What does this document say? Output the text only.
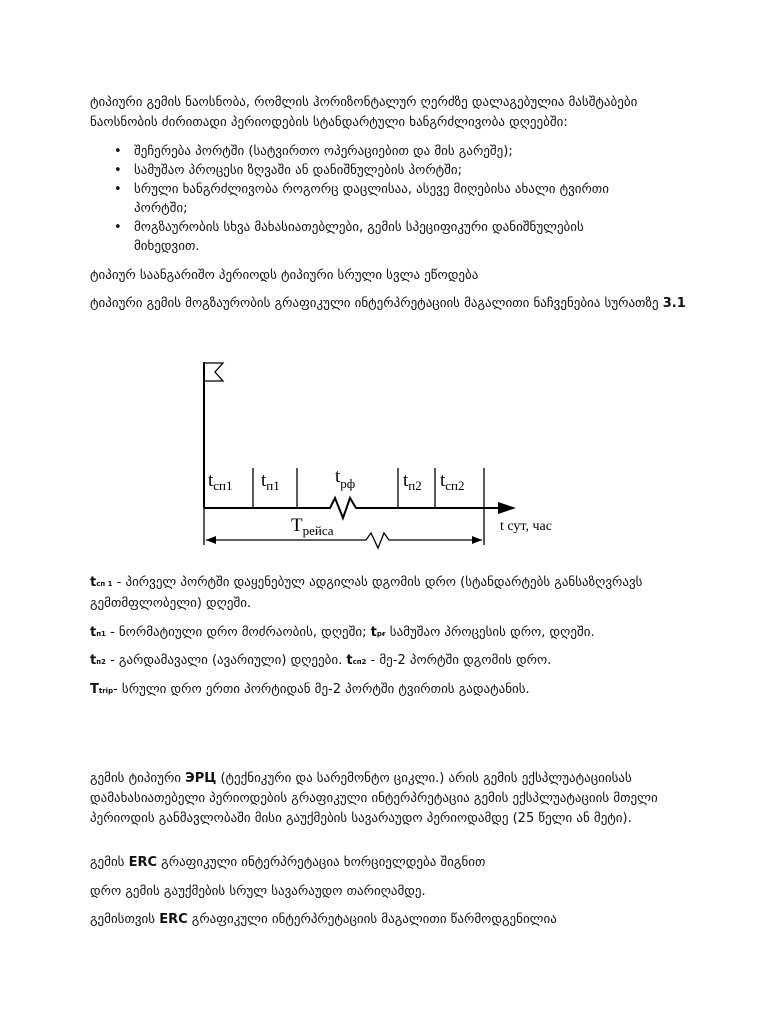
ტიპიური გემის ნაოსნობა, რომლის ჰორიზონტალურ ღერძზე დალაგებულია მასშტაბები ნაოსნობის ძირითადი პერიოდების სტანდარტული ხანგრძლივობა დღეებში:
• შეჩერება პორტში (სატვირთო ოპერაციებით და მის გარეშე);
• სამუშაო პროცესი ზღვაში ან დანიშნულების პორტში;
• სრული ხანგრძლივობა როგორც დაცლისაა, ასევე მიღებისა ახალი ტვირთი პორტში;
• მოგზაურობის სხვა მახასიათებლები, გემის სპეციფიკური დანიშნულების მიხედვით.
ტიპიურ საანგარიშო პერიოდს ტიპიური სრული სვლა ეწოდება
ტიპიური გემის მოგზაურობის გრაფიკული ინტერპრეტაციის მაგალითი ნაჩვენებია სურათზე 3.1
$t_{сп1}$ $t_{п1}$	$t_{рф}$	$t_{п2}$ $t_{сп2}$
$T_{рейса}$	t сут, час
tсп 1 - პირველ პორტში დაყენებულ ადგილას დგომის დრო (სტანდარტებს განსაზღვრავს გემთმფლობელი) დღეში.
tп1 - ნორმატიული დრო მოძრაობის, დღეში; tрғ სამუშაო პროცესის დრო, დღეში.
tп2 - გარდამავალი (ავარიული) დღეები. tсп2 - მე-2 პორტში დგომის დრო.
Ttrip- სრული დრო ერთი პორტიდან მე-2 პორტში ტვირთის გადატანის.
გემის ტიპიური ЭРЦ (ტექნიკური და სარემონტო ციკლი.) არის გემის ექსპლუატაციისას დამახასიათებელი პერიოდების გრაფიკული ინტერპრეტაცია გემის ექსპლუატაციის მთელი პერიოდის განმავლობაში მისი გაუქმების სავარაუდო პერიოდამდე (25 წელი ან მეტი).
გემის ERC გრაფიკული ინტერპრეტაცია ხორციელდება შიგნით
დრო გემის გაუქმების სრულ სავარაუდო თარიღამდე.
გემისთვის ERC გრაფიკული ინტერპრეტაციის მაგალითი წარმოდგენილია
